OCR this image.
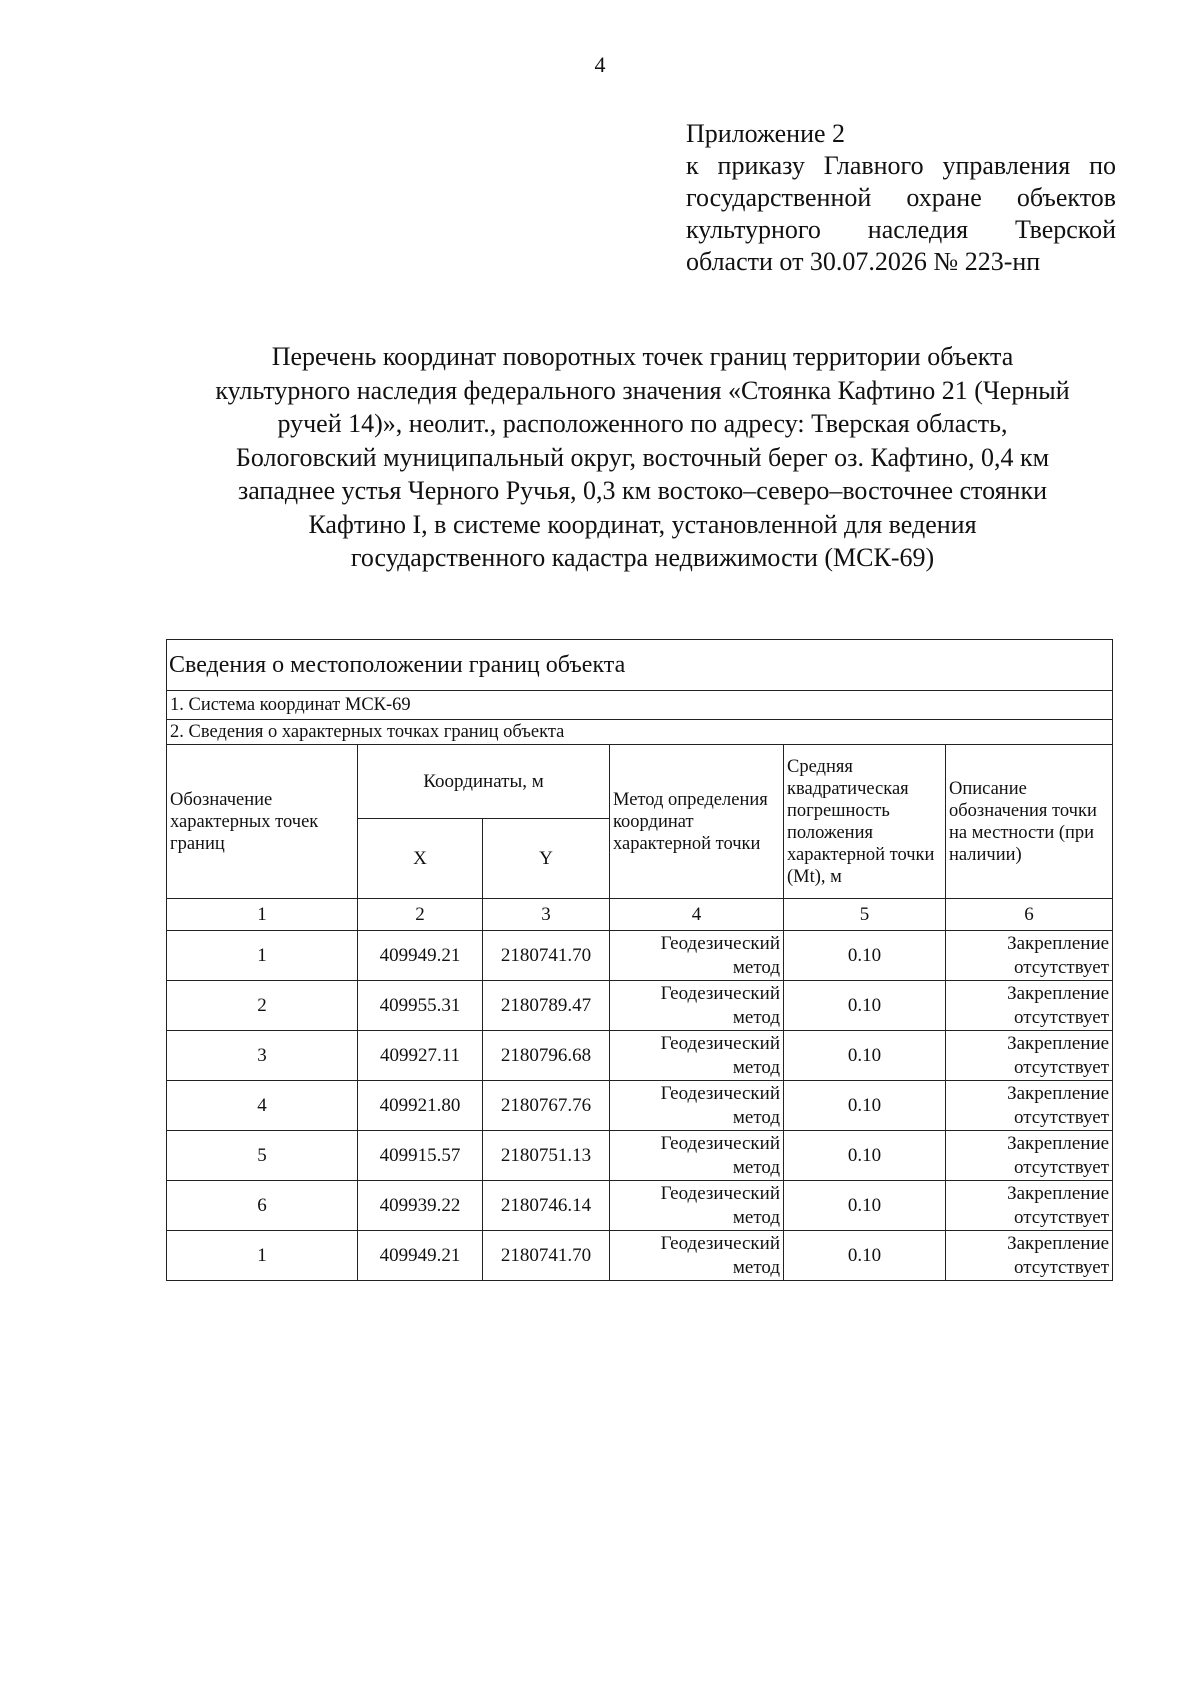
4
Приложение 2
к приказу Главного управления по
государственной охране объектов
культурного наследия Тверской
области от 30.07.2026 № 223-нп
Перечень координат поворотных точек границ территории объекта
культурного наследия федерального значения «Стоянка Кафтино 21 (Черный
ручей 14)», неолит., расположенного по адресу: Тверская область,
Бологовский муниципальный округ, восточный берег оз. Кафтино, 0,4 км
западнее устья Черного Ручья, 0,3 км востоко–северо–восточнее стоянки
Кафтино I, в системе координат, установленной для ведения
государственного кадастра недвижимости (МСК-69)
Сведения о местоположении границ объекта					
1. Система координат МСК-69					
2. Сведения о характерных точках границ объекта					
Обозначение характерных точек границ	Координаты, м		Метод определения координат характерной точки	Средняя квадратическая погрешность положения характерной точки (Mt), м	Описание обозначения точки на местности (при наличии)
	X	Y			
1	2	3	4	5	6
1	409949.21	2180741.70	Геодезический метод	0.10	Закрепление отсутствует
2	409955.31	2180789.47	Геодезический метод	0.10	Закрепление отсутствует
3	409927.11	2180796.68	Геодезический метод	0.10	Закрепление отсутствует
4	409921.80	2180767.76	Геодезический метод	0.10	Закрепление отсутствует
5	409915.57	2180751.13	Геодезический метод	0.10	Закрепление отсутствует
6	409939.22	2180746.14	Геодезический метод	0.10	Закрепление отсутствует
1	409949.21	2180741.70	Геодезический метод	0.10	Закрепление отсутствует
